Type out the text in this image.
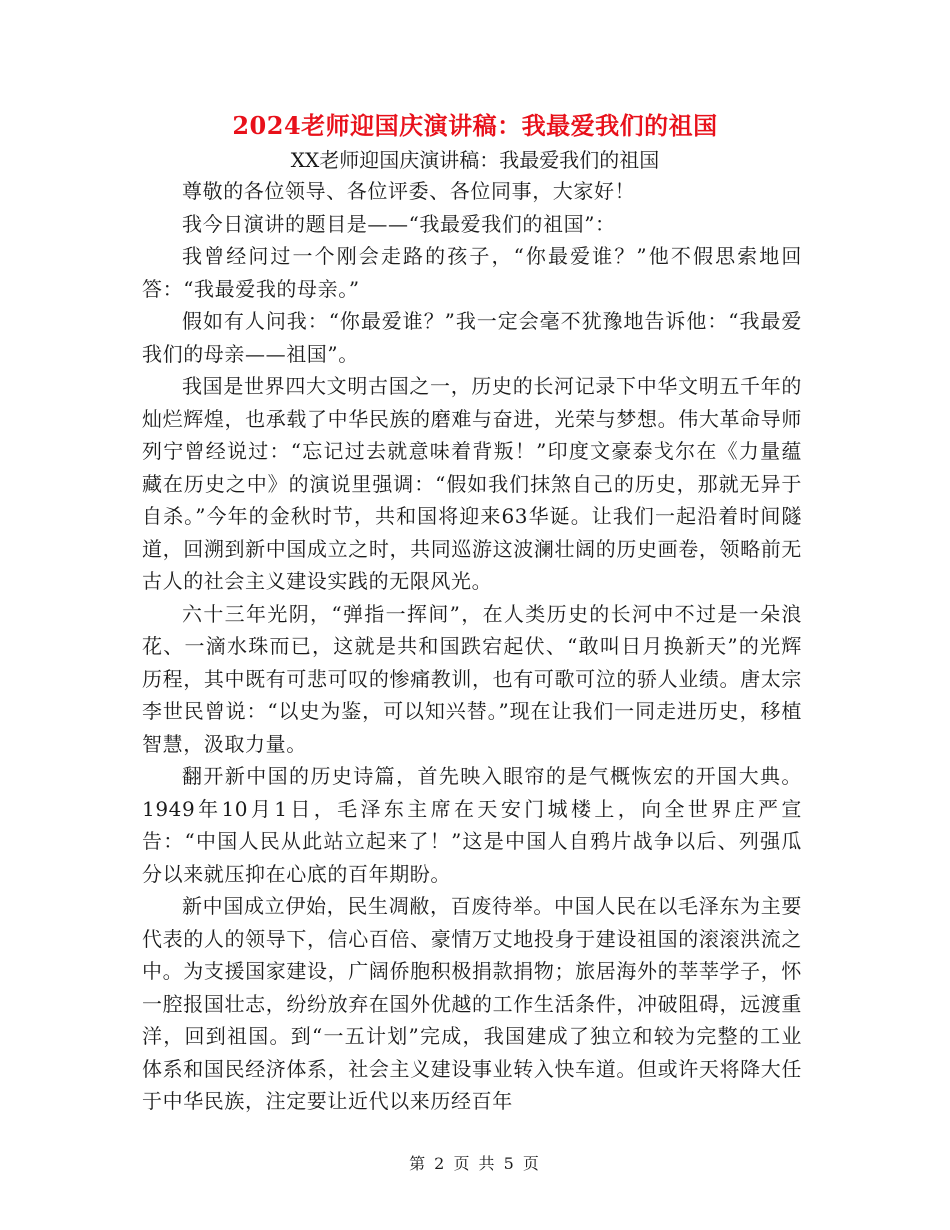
2024老师迎国庆演讲稿：我最爱我们的祖国
XX老师迎国庆演讲稿：我最爱我们的祖国

尊敬的各位领导、各位评委、各位同事，大家好！

我今日演讲的题目是——“我最爱我们的祖国”：

我曾经问过一个刚会走路的孩子，“你最爱谁？”他不假思索地回答：“我最爱我的母亲。”

假如有人问我：“你最爱谁？”我一定会毫不犹豫地告诉他：“我最爱我们的母亲——祖国”。

我国是世界四大文明古国之一，历史的长河记录下中华文明五千年的灿烂辉煌，也承载了中华民族的磨难与奋进，光荣与梦想。伟大革命导师列宁曾经说过：“忘记过去就意味着背叛！”印度文豪泰戈尔在《力量蕴藏在历史之中》的演说里强调：“假如我们抹煞自己的历史，那就无异于自杀。”今年的金秋时节，共和国将迎来63华诞。让我们一起沿着时间隧道，回溯到新中国成立之时，共同巡游这波澜壮阔的历史画卷，领略前无古人的社会主义建设实践的无限风光。

六十三年光阴，“弹指一挥间”，在人类历史的长河中不过是一朵浪花、一滴水珠而已，这就是共和国跌宕起伏、“敢叫日月换新天”的光辉历程，其中既有可悲可叹的惨痛教训，也有可歌可泣的骄人业绩。唐太宗李世民曾说：“以史为鉴，可以知兴替。”现在让我们一同走进历史，移植智慧，汲取力量。

翻开新中国的历史诗篇，首先映入眼帘的是气概恢宏的开国大典。1949年10月1日，毛泽东主席在天安门城楼上，向全世界庄严宣告：“中国人民从此站立起来了！”这是中国人自鸦片战争以后、列强瓜分以来就压抑在心底的百年期盼。

新中国成立伊始，民生凋敝，百废待举。中国人民在以毛泽东为主要代表的人的领导下，信心百倍、豪情万丈地投身于建设祖国的滚滚洪流之中。为支援国家建设，广阔侨胞积极捐款捐物；旅居海外的莘莘学子，怀一腔报国壮志，纷纷放弃在国外优越的工作生活条件，冲破阻碍，远渡重洋，回到祖国。到“一五计划”完成，我国建成了独立和较为完整的工业体系和国民经济体系，社会主义建设事业转入快车道。但或许天将降大任于中华民族，注定要让近代以来历经百年

第 2 页 共 5 页
